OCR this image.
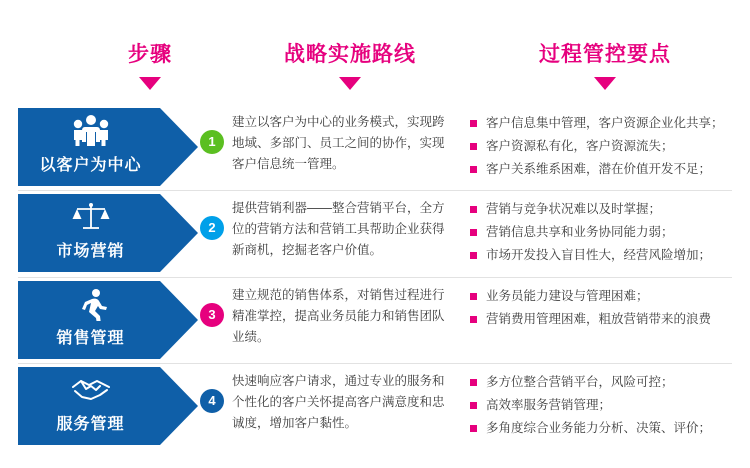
步骤	战略实施路线	过程管控要点
以客户为中心
1
建立以客户为中心的业务模式，实现跨地域、多部门、员工之间的协作，实现客户信息统一管理。
客户信息集中管理，客户资源企业化共享；
客户资源私有化，客户资源流失；
客户关系维系困难，潜在价值开发不足；
市场营销
2
提供营销利器——整合营销平台，全方位的营销方法和营销工具帮助企业获得新商机，挖掘老客户价值。
营销与竞争状况难以及时掌握；
营销信息共享和业务协同能力弱；
市场开发投入盲目性大，经营风险增加；
销售管理
3
建立规范的销售体系，对销售过程进行精准掌控，提高业务员能力和销售团队业绩。
业务员能力建设与管理困难；
营销费用管理困难，粗放营销带来的浪费
服务管理
4
快速响应客户请求，通过专业的服务和个性化的客户关怀提高客户满意度和忠诚度，增加客户黏性。
多方位整合营销平台，风险可控；
高效率服务营销管理；
多角度综合业务能力分析、决策、评价；
